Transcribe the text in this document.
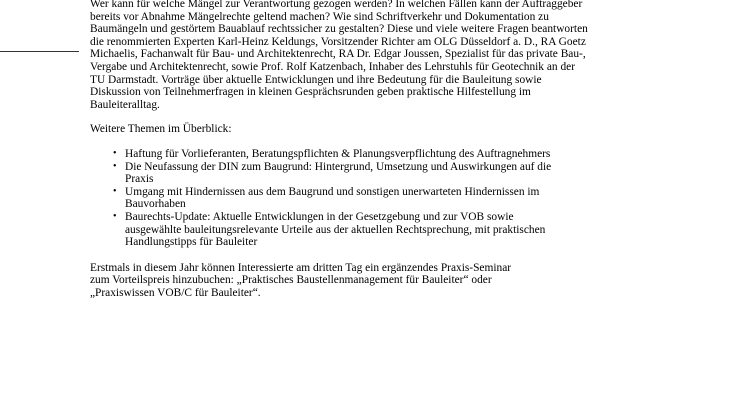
Wer kann für welche Mängel zur Verantwortung gezogen werden? In welchen Fällen kann der Auftraggeber bereits vor Abnahme Mängelrechte geltend machen? Wie sind Schriftverkehr und Dokumentation zu Baumängeln und gestörtem Bauablauf rechtssicher zu gestalten? Diese und viele weitere Fragen beantworten die renommierten Experten Karl-Heinz Keldungs, Vorsitzender Richter am OLG Düsseldorf a. D., RA Goetz Michaelis, Fachanwalt für Bau- und Architektenrecht, RA Dr. Edgar Joussen, Spezialist für das private Bau-, Vergabe und Architektenrecht, sowie Prof. Rolf Katzenbach, Inhaber des Lehrstuhls für Geotechnik an der TU Darmstadt. Vorträge über aktuelle Entwicklungen und ihre Bedeutung für die Bauleitung sowie Diskussion von Teilnehmerfragen in kleinen Gesprächsrunden geben praktische Hilfestellung im Bauleiteralltag.

Weitere Themen im Überblick:

• Haftung für Vorlieferanten, Beratungspflichten & Planungsverpflichtung des Auftragnehmers
• Die Neufassung der DIN zum Baugrund: Hintergrund, Umsetzung und Auswirkungen auf die Praxis
• Umgang mit Hindernissen aus dem Baugrund und sonstigen unerwarteten Hindernissen im Bauvorhaben
• Baurechts-Update: Aktuelle Entwicklungen in der Gesetzgebung und zur VOB sowie ausgewählte bauleitungsrelevante Urteile aus der aktuellen Rechtsprechung, mit praktischen Handlungstipps für Bauleiter

Erstmals in diesem Jahr können Interessierte am dritten Tag ein ergänzendes Praxis-Seminar zum Vorteilspreis hinzubuchen: „Praktisches Baustellenmanagement für Bauleiter“ oder „Praxiswissen VOB/C für Bauleiter“.
